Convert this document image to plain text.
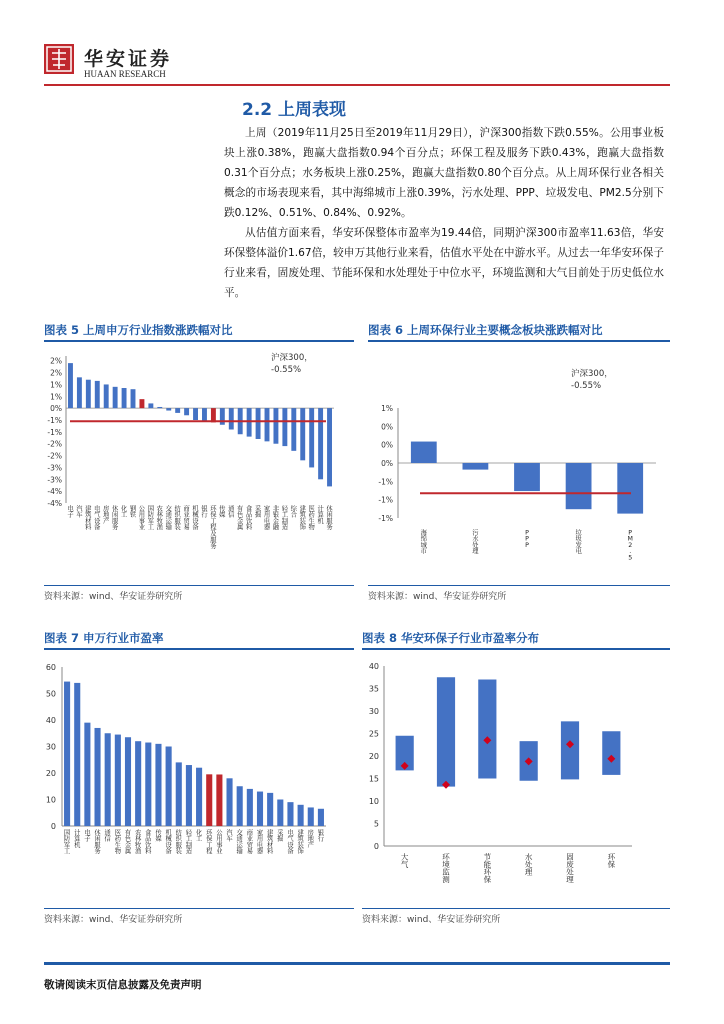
华安证券
HUAAN RESEARCH
2.2 上周表现
上周（2019年11月25日至2019年11月29日），沪深300指数下跌0.55%。公用事业板块上涨0.38%，跑赢大盘指数0.94个百分点；环保工程及服务下跌0.43%，跑赢大盘指数0.31个百分点；水务板块上涨0.25%，跑赢大盘指数0.80个百分点。从上周环保行业各相关概念的市场表现来看，其中海绵城市上涨0.39%，污水处理、PPP、垃圾发电、PM2.5分别下跌0.12%、0.51%、0.84%、0.92%。
从估值方面来看，华安环保整体市盈率为19.44倍，同期沪深300市盈率11.63倍，华安环保整体溢价1.67倍，较申万其他行业来看，估值水平处在中游水平。从过去一年华安环保子行业来看，固废处理、节能环保和水处理处于中位水平，环境监测和大气目前处于历史低位水平。
图表 5 上周申万行业指数涨跌幅对比
2%
2%
1%
1%
0%
-1%
-1%
-2%
-2%
-3%
-3%
-4%
-4%
电子
汽车
建筑材料
电气设备
房地产
休闲服务
化工
钢铁
公用事业
国防军工
农林牧渔
交通运输
纺织服装
商业贸易
机械设备
银行
环保工程及服务
传媒
通信
有色金属
食品饮料
采掘
家用电器
非银金融
轻工制造
综合
建筑装饰
医药生物
计算机
休闲服务
沪深300，
-0.55%
资料来源：wind、华安证券研究所
图表 6 上周环保行业主要概念板块涨跌幅对比
1%
0%
0%
0%
-1%
-1%
-1%
海绵城市
污水处理
P P P
垃圾发电
P M 2 . 5
沪深300，
-0.55%
资料来源：wind、华安证券研究所
图表 7 申万行业市盈率
0
10
20
30
40
50
60
国防军工
计算机
电子
休闲服务
通信
医药生物
有色金属
农林牧渔
食品饮料
传媒
机械设备
纺织服装
轻工制造
化工
环保工程
公用事业
汽车
交通运输
商业贸易
家用电器
建筑材料
采掘
电气设备
建筑装饰
房地产
银行
资料来源：wind、华安证券研究所
图表 8 华安环保子行业市盈率分布
0
5
10
15
20
25
30
35
40
大气
环境监测
节能环保
水处理
固废处理
环保
资料来源：wind、华安证券研究所
敬请阅读末页信息披露及免责声明
